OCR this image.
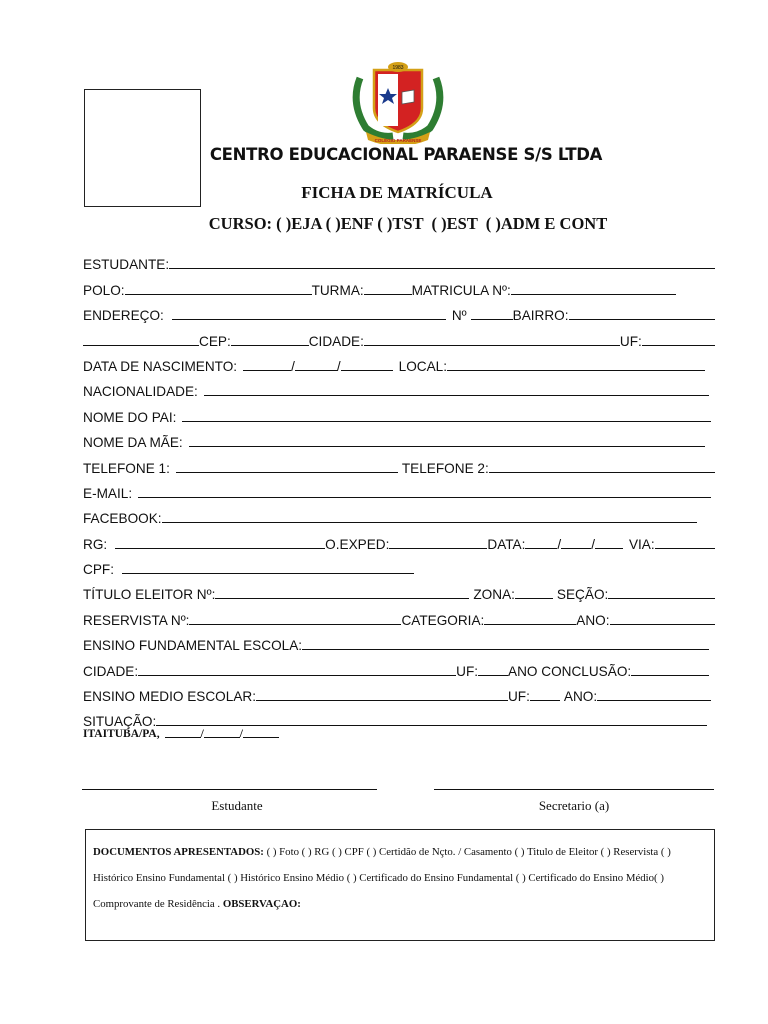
1983
COLÉGIO PARAENSE
CENTRO EDUCACIONAL PARAENSE S/S LTDA
FICHA DE MATRÍCULA
CURSO: ( )EJA ( )ENF ( )TST  ( )EST  ( )ADM E CONT
ESTUDANTE:
POLO:	TURMA:	MATRICULA Nº:
ENDEREÇO:	Nº	BAIRRO:
CEP:	CIDADE:	UF:
DATA DE NASCIMENTO:	/	/	LOCAL:
NACIONALIDADE:
NOME DO PAI:
NOME DA MÃE:
TELEFONE 1:	TELEFONE 2:
E-MAIL:
FACEBOOK:
RG:	O.EXPED:	DATA: / /	VIA:
CPF:
TÍTULO ELEITOR Nº:	ZONA:	SEÇÃO:
RESERVISTA Nº:	CATEGORIA:	ANO:
ENSINO FUNDAMENTAL ESCOLA:
CIDADE:	UF: ANO CONCLUSÃO:
ENSINO MEDIO ESCOLAR:	UF:	ANO:
SITUAÇÃO:
ITAITUBA/PA,	/	/
Estudante	Secretario (a)
DOCUMENTOS APRESENTADOS: ( ) Foto ( ) RG ( ) CPF ( ) Certidão de Nçto. / Casamento ( ) Titulo de Eleitor ( ) Reservista ( ) Histórico Ensino Fundamental ( ) Histórico Ensino Médio ( ) Certificado do Ensino Fundamental ( ) Certificado do Ensino Médio( ) Comprovante de Residência . OBSERVAÇAO:
